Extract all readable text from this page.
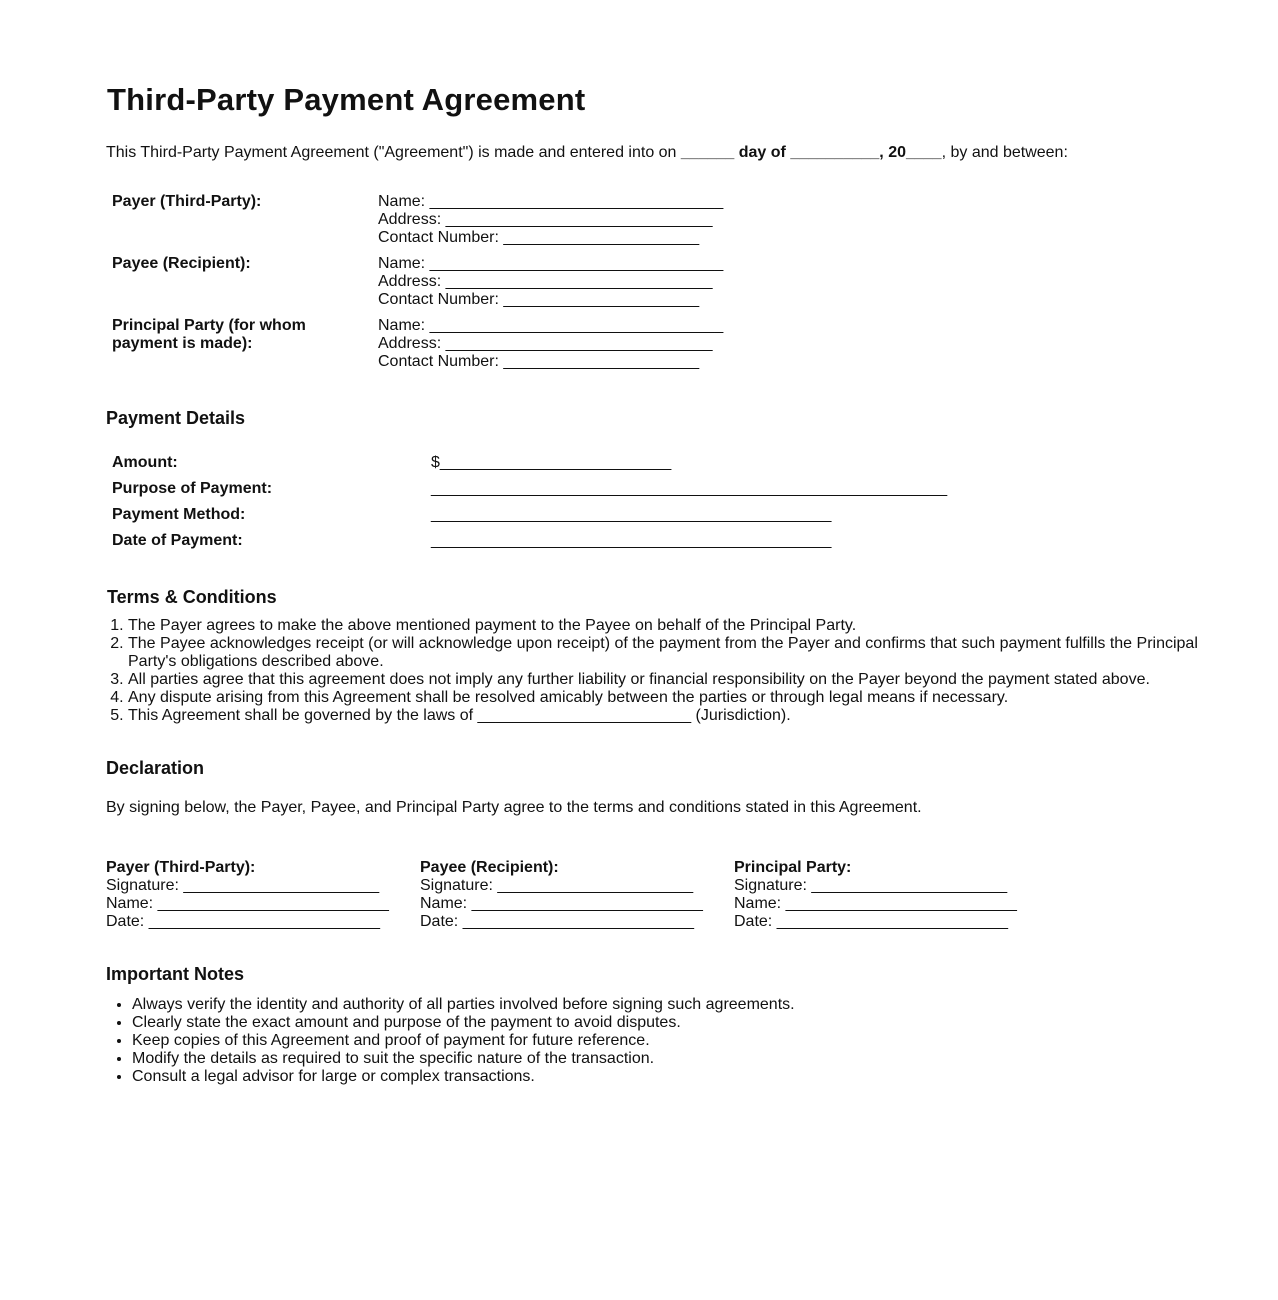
Third-Party Payment Agreement

This Third-Party Payment Agreement ("Agreement") is made and entered into on ______ day of __________, 20____, by and between:

Payer (Third-Party):	Name: _________________________________
Address: ______________________________
Contact Number: ______________________
Payee (Recipient):	Name: _________________________________
Address: ______________________________
Contact Number: ______________________
Principal Party (for whom
payment is made):
Name: _________________________________
Address: ______________________________
Contact Number: ______________________
Payment Details
Amount:	$__________________________
Purpose of Payment:	__________________________________________________________
Payment Method:	_____________________________________________
Date of Payment:	_____________________________________________
Terms & Conditions
1. The Payer agrees to make the above mentioned payment to the Payee on behalf of the Principal Party.
2. The Payee acknowledges receipt (or will acknowledge upon receipt) of the payment from the Payer and confirms that such payment fulfills the Principal Party's obligations described above.
3. All parties agree that this agreement does not imply any further liability or financial responsibility on the Payer beyond the payment stated above.
4. Any dispute arising from this Agreement shall be resolved amicably between the parties or through legal means if necessary.
5. This Agreement shall be governed by the laws of ________________________ (Jurisdiction).
Declaration

By signing below, the Payer, Payee, and Principal Party agree to the terms and conditions stated in this Agreement.

Payer (Third-Party):
Signature: ______________________
Name: __________________________
Date: __________________________
Payee (Recipient):
Signature: ______________________
Name: __________________________
Date: __________________________
Principal Party:
Signature: ______________________
Name: __________________________
Date: __________________________
Important Notes
• Always verify the identity and authority of all parties involved before signing such agreements.
• Clearly state the exact amount and purpose of the payment to avoid disputes.
• Keep copies of this Agreement and proof of payment for future reference.
• Modify the details as required to suit the specific nature of the transaction.
• Consult a legal advisor for large or complex transactions.
